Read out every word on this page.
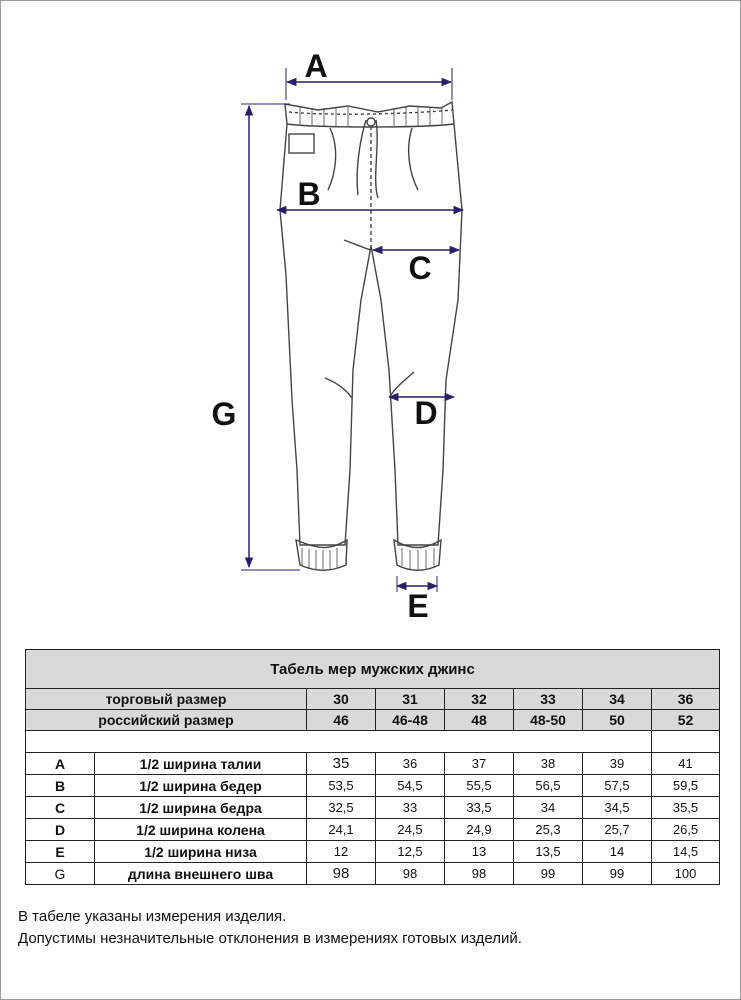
A
B
C
D
E
G
Табель мер мужских джинс							
торговый размер		30	31	32	33	34	36
российский размер		46	46-48	48	48-50	50	52

A	1/2 ширина талии	35	36	37	38	39	41
B	1/2 ширина бедер	53,5	54,5	55,5	56,5	57,5	59,5
C	1/2 ширина бедра	32,5	33	33,5	34	34,5	35,5
D	1/2 ширина колена	24,1	24,5	24,9	25,3	25,7	26,5
E	1/2 ширина низа	12	12,5	13	13,5	14	14,5
G	длина внешнего шва	98	98	98	99	99	100

В табеле указаны измерения изделия.

Допустимы незначительные отклонения в измерениях готовых изделий.
